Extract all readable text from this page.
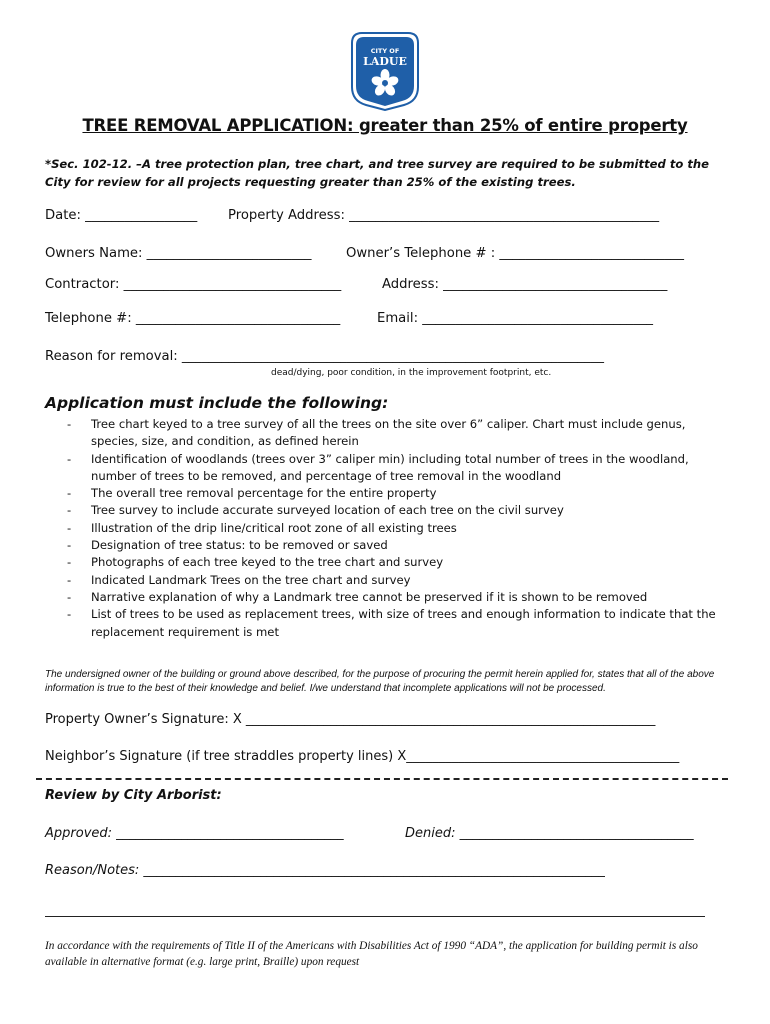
CITY OF
LADUE
TREE REMOVAL APPLICATION: greater than 25% of entire property
*Sec. 102-12. –A tree protection plan, tree chart, and tree survey are required to be submitted to the City for review for all projects requesting greater than 25% of the existing trees.
Date: _________________ Property Address: _______________________________________________
Owners Name: _________________________	Owner’s Telephone # : ____________________________
Contractor: _________________________________	Address: __________________________________
Telephone #: _______________________________	Email: ___________________________________
Reason for removal: ________________________________________________________________
dead/dying, poor condition, in the improvement footprint, etc.
Application must include the following:
- Tree chart keyed to a tree survey of all the trees on the site over 6” caliper. Chart must include genus, species, size, and condition, as defined herein
- Identification of woodlands (trees over 3” caliper min) including total number of trees in the woodland, number of trees to be removed, and percentage of tree removal in the woodland
- The overall tree removal percentage for the entire property
- Tree survey to include accurate surveyed location of each tree on the civil survey
- Illustration of the drip line/critical root zone of all existing trees
- Designation of tree status: to be removed or saved
- Photographs of each tree keyed to the tree chart and survey
- Indicated Landmark Trees on the tree chart and survey
- Narrative explanation of why a Landmark tree cannot be preserved if it is shown to be removed
- List of trees to be used as replacement trees, with size of trees and enough information to indicate that the replacement requirement is met
The undersigned owner of the building or ground above described, for the purpose of procuring the permit herein applied for, states that all of the above information is true to the best of their knowledge and belief. I/we understand that incomplete applications will not be processed.
Property Owner’s Signature: X _______________________________________________________________
Neighbor’s Signature (if tree straddles property lines) X__________________________________________
Review by City Arborist:
Approved: ___________________________________	Denied: ____________________________________
Reason/Notes: _______________________________________________________________________
In accordance with the requirements of Title II of the Americans with Disabilities Act of 1990 “ADA”, the application for building permit is also available in alternative format (e.g. large print, Braille) upon request
